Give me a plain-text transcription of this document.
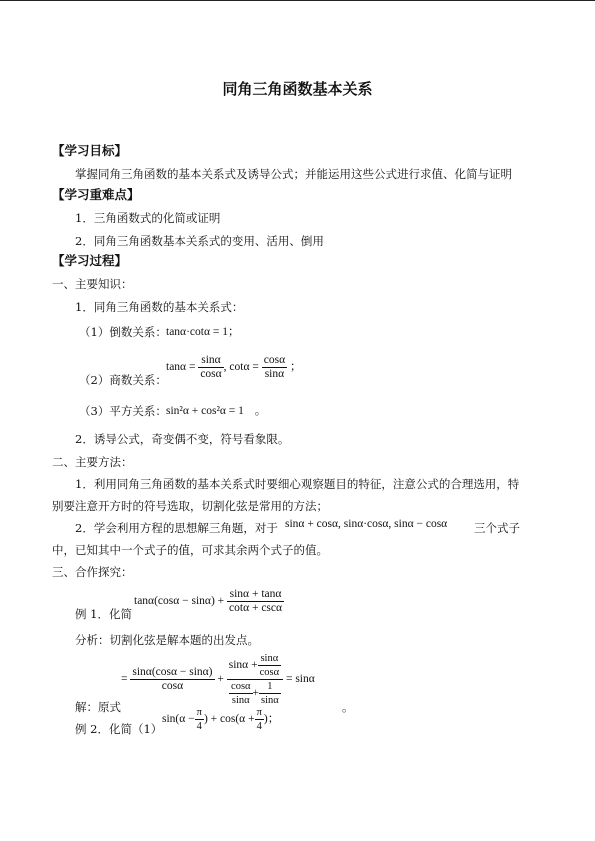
同角三角函数基本关系
【学习目标】
掌握同角三角函数的基本关系式及诱导公式；并能运用这些公式进行求值、化简与证明
【学习重难点】
1．三角函数式的化简或证明
2．同角三角函数基本关系式的变用、活用、倒用
【学习过程】
一、主要知识：
1．同角三角函数的基本关系式：
（1）倒数关系： tanα·cotα = 1；
（2）商数关系：
$\tan\alpha = \frac{\sin\alpha}{\cos\alpha}$ , $\cot\alpha = \frac{\cos\alpha}{\sin\alpha}$ ；
（3）平方关系： sin²α + cos²α = 1 。
2．诱导公式，奇变偶不变，符号看象限。
二、主要方法：
1．利用同角三角函数的基本关系式时要细心观察题目的特征，注意公式的合理选用，特
别要注意开方时的符号选取，切割化弦是常用的方法；
2．学会利用方程的思想解三角题，对于 sinα + cosα, sinα·cosα, sinα − cosα 三个式子
中，已知其中一个式子的值，可求其余两个式子的值。
三、合作探究：
例 1．化简
$\tan\alpha(\cos\alpha - \sin\alpha) + \frac{\sin\alpha + \tan\alpha}{\cot\alpha + \csc\alpha}$
分析：切割化弦是解本题的出发点。
解：原式
= $\frac{\sin\alpha(\cos\alpha - \sin\alpha)}{\cos\alpha} + \frac{\sin\alpha + \frac{\sin\alpha}{\cos\alpha}}{\frac{\cos\alpha}{\sin\alpha} + \frac{1}{\sin\alpha}} = \sin\alpha$
。
例 2．化简（1）
$\sin(\alpha - \frac{\pi}{4}$ ) + $\cos(\alpha + \frac{\pi}{4}$ )；
